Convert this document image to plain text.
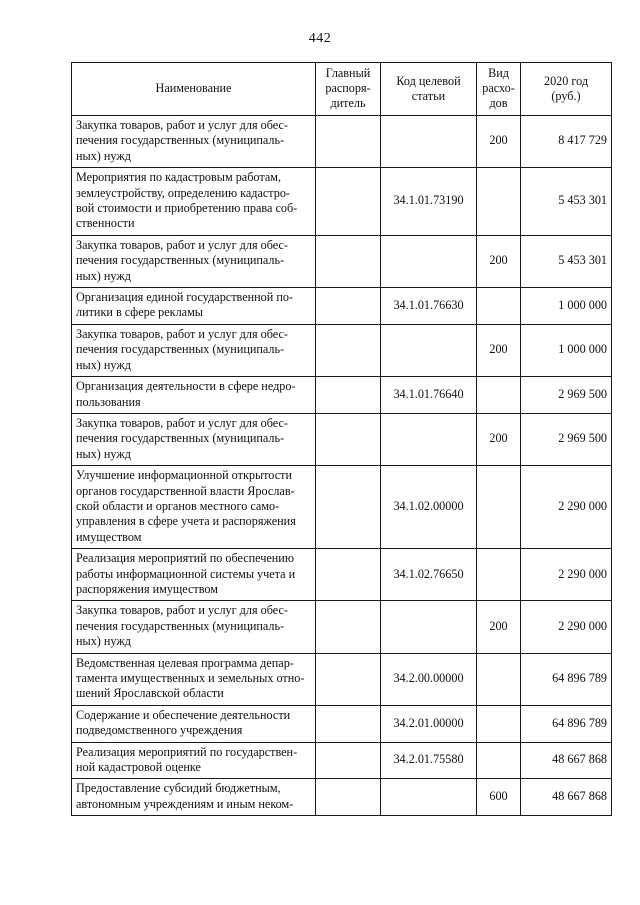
442
Наименование	Главный
распоря-
дитель	Код целевой
статьи	Вид
расхо-
дов	2020 год
(руб.)
Закупка товаров, работ и услуг для обес-
печения государственных (муниципаль-
ных) нужд			200	8 417 729
Мероприятия по кадастровым работам,
землеустройству, определению кадастро-
вой стоимости и приобретению права соб-
ственности		34.1.01.73190		5 453 301
Закупка товаров, работ и услуг для обес-
печения государственных (муниципаль-
ных) нужд			200	5 453 301
Организация единой государственной по-
литики в сфере рекламы		34.1.01.76630		1 000 000
Закупка товаров, работ и услуг для обес-
печения государственных (муниципаль-
ных) нужд			200	1 000 000
Организация деятельности в сфере недро-
пользования		34.1.01.76640		2 969 500
Закупка товаров, работ и услуг для обес-
печения государственных (муниципаль-
ных) нужд			200	2 969 500
Улучшение информационной открытости
органов государственной власти Ярослав-
ской области и органов местного само-
управления в сфере учета и распоряжения
имуществом		34.1.02.00000		2 290 000
Реализация мероприятий по обеспечению
работы информационной системы учета и
распоряжения имуществом		34.1.02.76650		2 290 000
Закупка товаров, работ и услуг для обес-
печения государственных (муниципаль-
ных) нужд			200	2 290 000
Ведомственная целевая программа депар-
тамента имущественных и земельных отно-
шений Ярославской области		34.2.00.00000		64 896 789
Содержание и обеспечение деятельности
подведомственного учреждения		34.2.01.00000		64 896 789
Реализация мероприятий по государствен-
ной кадастровой оценке		34.2.01.75580		48 667 868
Предоставление субсидий бюджетным,
автономным учреждениям и иным неком-			600	48 667 868
